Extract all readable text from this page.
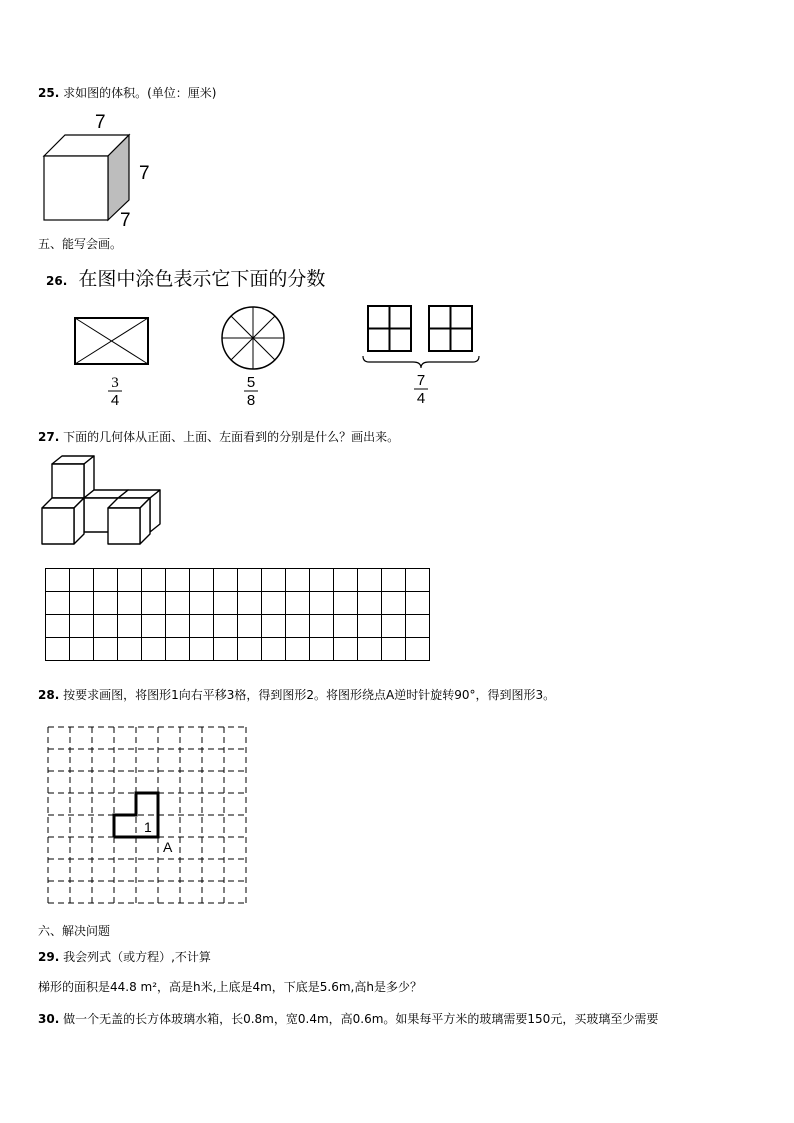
25. 求如图的体积。(单位：厘米)
7
7
7
五、能写会画。
26. 在图中涂色表示它下面的分数
3
4
5
8
7
4
27. 下面的几何体从正面、上面、左面看到的分别是什么？画出来。

28. 按要求画图，将图形1向右平移3格，得到图形2。将图形绕点A逆时针旋转90°，得到图形3。
1
A
六、解决问题
29. 我会列式（或方程）,不计算
梯形的面积是44.8 m²，高是h米,上底是4m，下底是5.6m,高h是多少？
30. 做一个无盖的长方体玻璃水箱，长0.8m，宽0.4m，高0.6m。如果每平方米的玻璃需要150元，买玻璃至少需要
